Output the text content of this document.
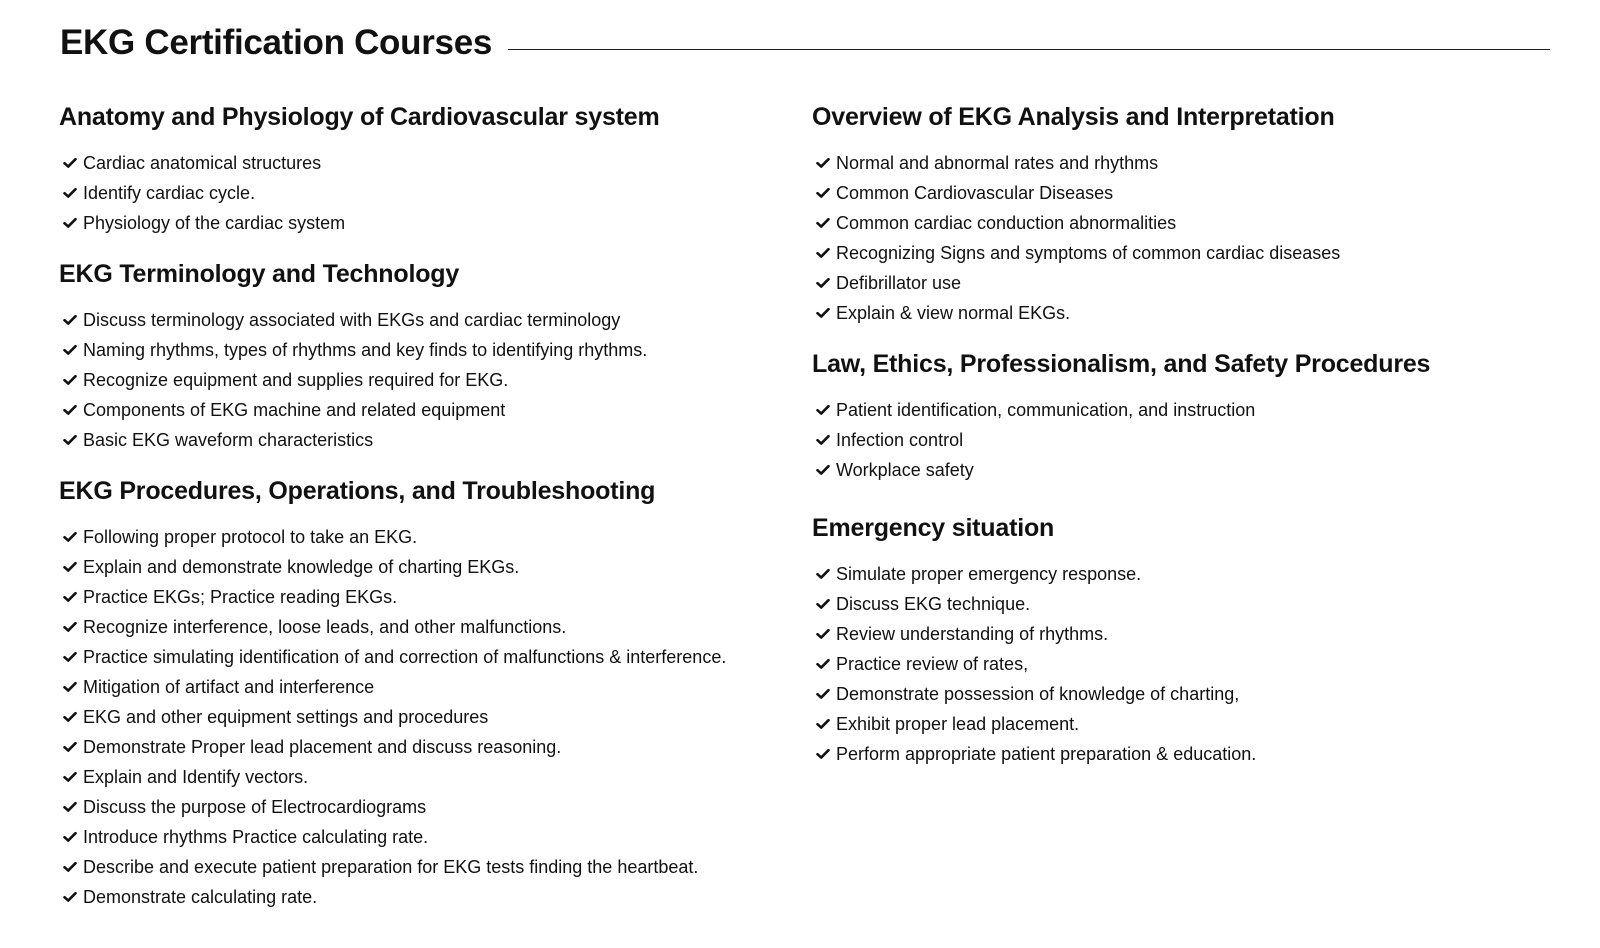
EKG Certification Courses
Anatomy and Physiology of Cardiovascular system
Cardiac anatomical structures
Identify cardiac cycle.
Physiology of the cardiac system
EKG Terminology and Technology
Discuss terminology associated with EKGs and cardiac terminology
Naming rhythms, types of rhythms and key finds to identifying rhythms.
Recognize equipment and supplies required for EKG.
Components of EKG machine and related equipment
Basic EKG waveform characteristics
EKG Procedures, Operations, and Troubleshooting
Following proper protocol to take an EKG.
Explain and demonstrate knowledge of charting EKGs.
Practice EKGs; Practice reading EKGs.
Recognize interference, loose leads, and other malfunctions.
Practice simulating identification of and correction of malfunctions & interference.
Mitigation of artifact and interference
EKG and other equipment settings and procedures
Demonstrate Proper lead placement and discuss reasoning.
Explain and Identify vectors.
Discuss the purpose of Electrocardiograms
Introduce rhythms Practice calculating rate.
Describe and execute patient preparation for EKG tests finding the heartbeat.
Demonstrate calculating rate.
Overview of EKG Analysis and Interpretation
Normal and abnormal rates and rhythms
Common Cardiovascular Diseases
Common cardiac conduction abnormalities
Recognizing Signs and symptoms of common cardiac diseases
Defibrillator use
Explain & view normal EKGs.
Law, Ethics, Professionalism, and Safety Procedures
Patient identification, communication, and instruction
Infection control
Workplace safety
Emergency situation
Simulate proper emergency response.
Discuss EKG technique.
Review understanding of rhythms.
Practice review of rates,
Demonstrate possession of knowledge of charting,
Exhibit proper lead placement.
Perform appropriate patient preparation & education.
